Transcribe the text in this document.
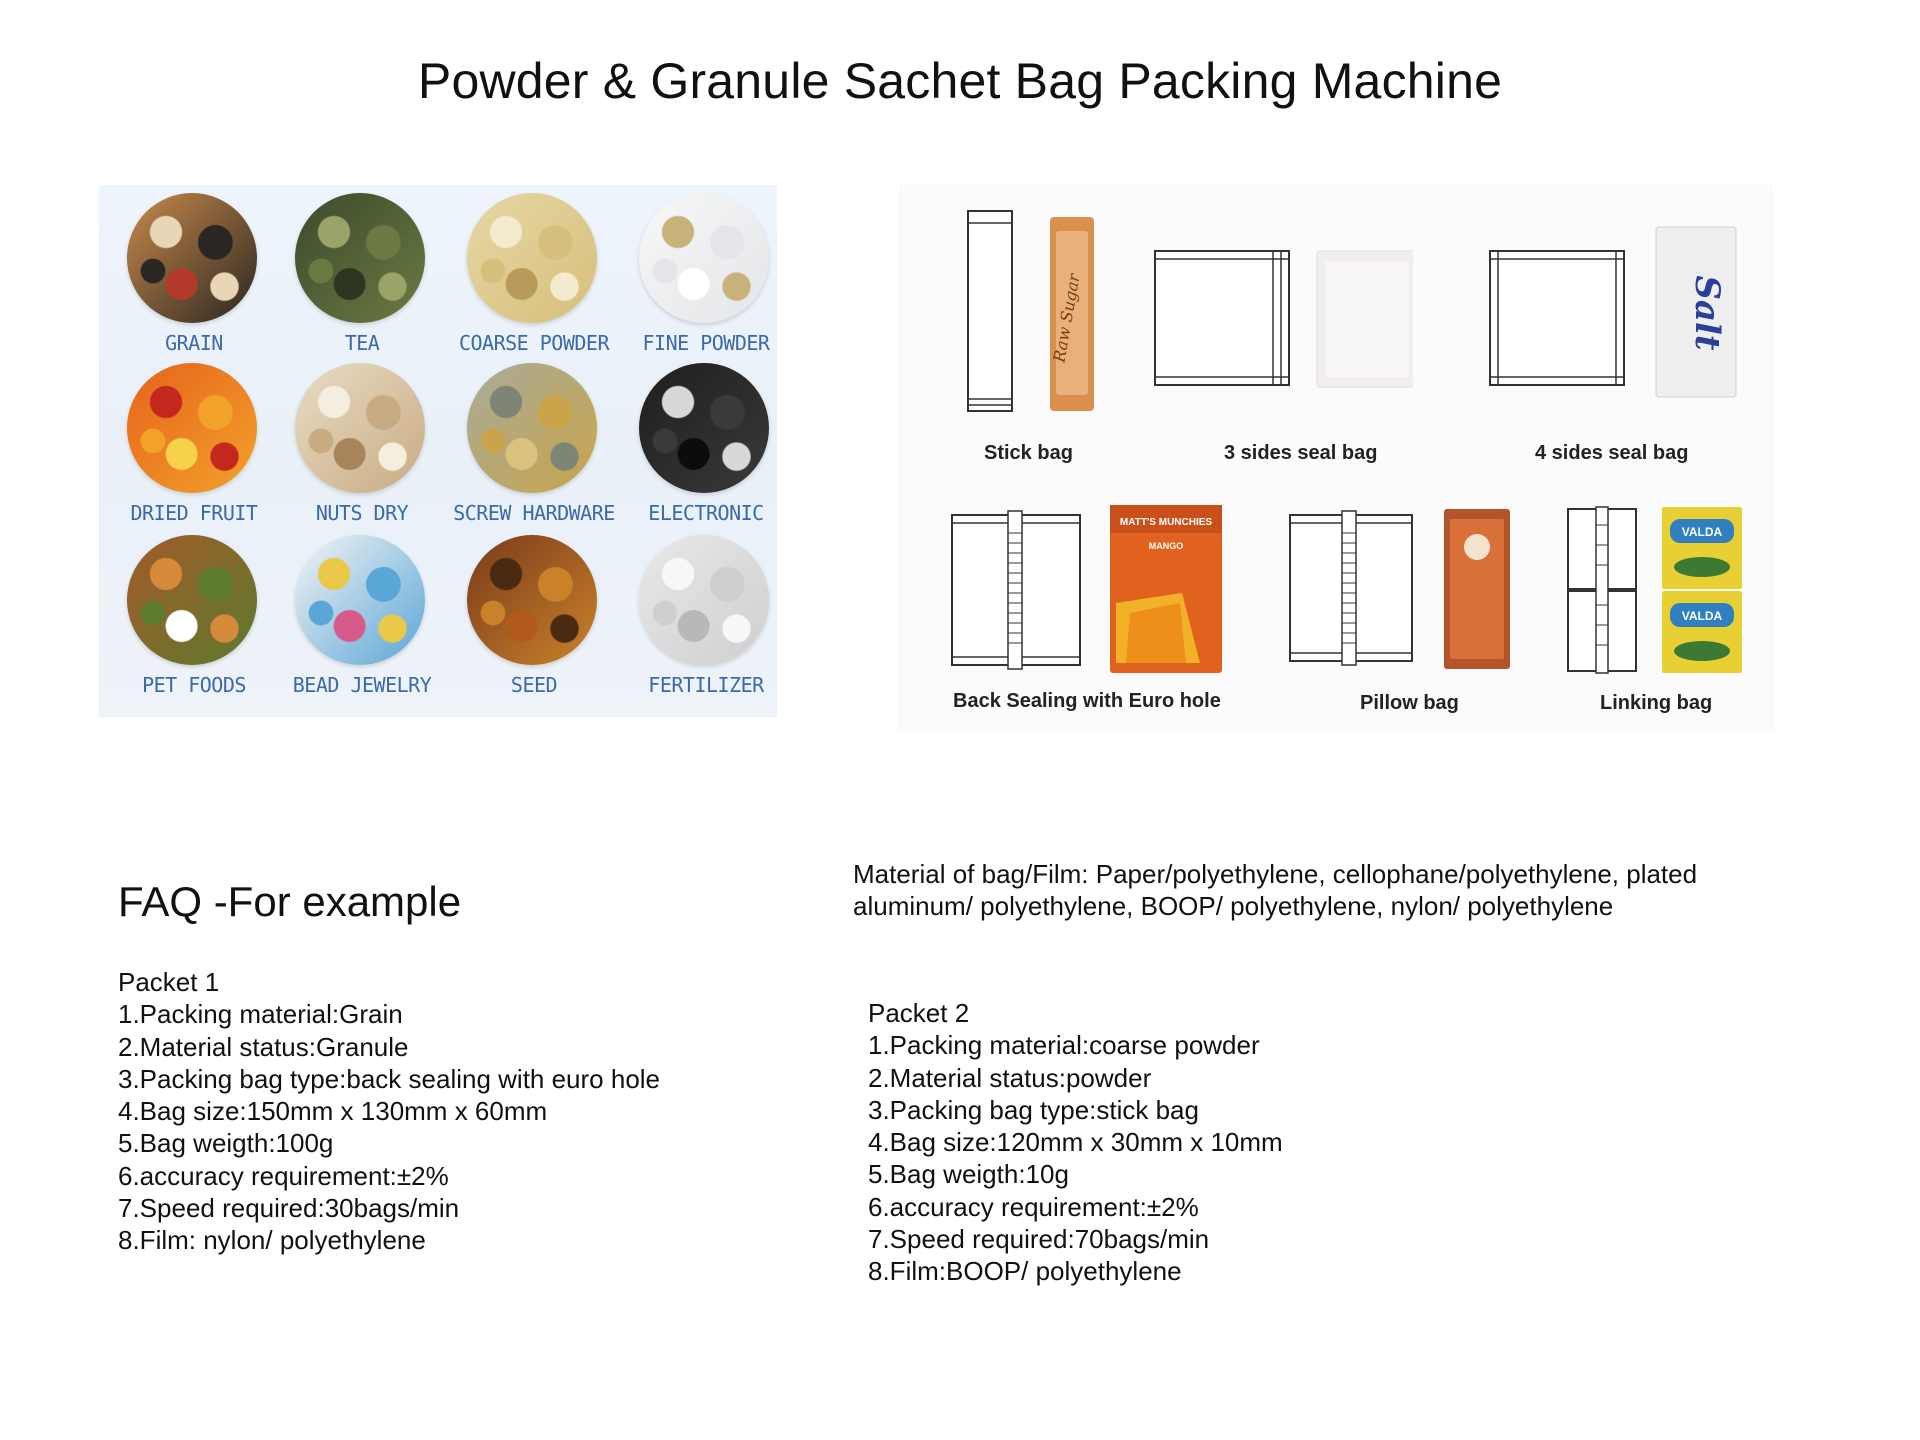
Powder & Granule Sachet Bag Packing Machine
GRAIN	TEA	COARSE POWDER	FINE POWDER
DRIED FRUIT	NUTS DRY	SCREW HARDWARE	ELECTRONIC
PET FOODS	BEAD JEWELRY	SEED	FERTILIZER
Raw Sugar
Stick bag	3 sides seal bag
Salt
4 sides seal bag
MATT'S MUNCHIES
MANGO
Back Sealing with Euro hole	Pillow bag
VALDA
VALDA
Linking bag
Material of bag/Film: Paper/polyethylene, cellophane/polyethylene, plated aluminum/ polyethylene, BOOP/ polyethylene, nylon/ polyethylene
FAQ -For example
Packet 1
1.Packing material:Grain
2.Material status:Granule
3.Packing bag type:back sealing with euro hole
4.Bag size:150mm x 130mm x 60mm
5.Bag weigth:100g
6.accuracy requirement:±2%
7.Speed required:30bags/min
8.Film: nylon/ polyethylene
Packet 2
1.Packing material:coarse powder
2.Material status:powder
3.Packing bag type:stick bag
4.Bag size:120mm x 30mm x 10mm
5.Bag weigth:10g
6.accuracy requirement:±2%
7.Speed required:70bags/min
8.Film:BOOP/ polyethylene
